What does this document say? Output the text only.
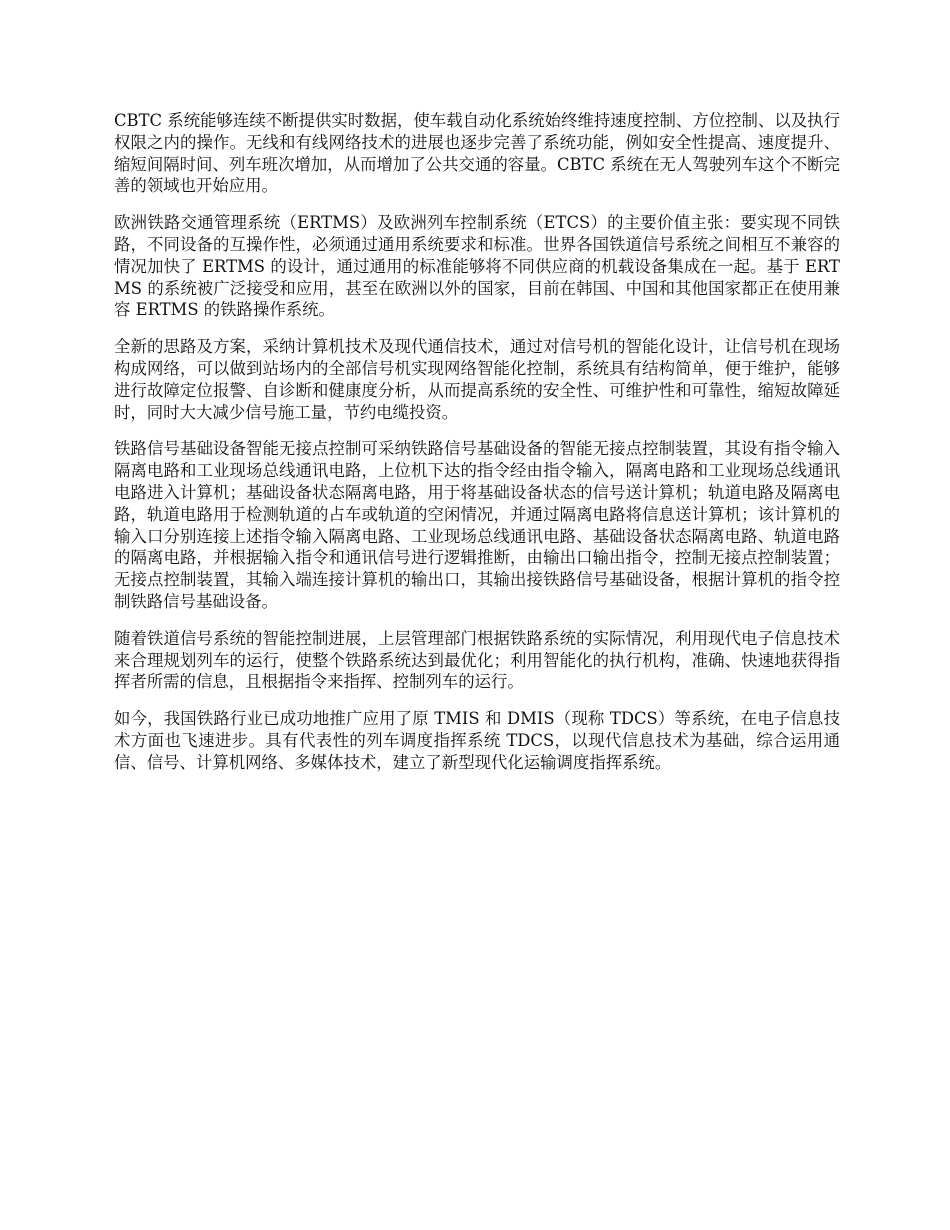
CBTC 系统能够连续不断提供实时数据，使车载自动化系统始终维持速度控制、方位控制、以及执行权限之内的操作。无线和有线网络技术的进展也逐步完善了系统功能，例如安全性提高、速度提升、缩短间隔时间、列车班次增加，从而增加了公共交通的容量。CBTC 系统在无人驾驶列车这个不断完善的领域也开始应用。

欧洲铁路交通管理系统（ERTMS）及欧洲列车控制系统（ETCS）的主要价值主张：要实现不同铁路，不同设备的互操作性，必须通过通用系统要求和标准。世界各国铁道信号系统之间相互不兼容的情况加快了 ERTMS 的设计，通过通用的标准能够将不同供应商的机载设备集成在一起。基于 ERTMS 的系统被广泛接受和应用，甚至在欧洲以外的国家，目前在韩国、中国和其他国家都正在使用兼容 ERTMS 的铁路操作系统。

全新的思路及方案，采纳计算机技术及现代通信技术，通过对信号机的智能化设计，让信号机在现场构成网络，可以做到站场内的全部信号机实现网络智能化控制，系统具有结构简单，便于维护，能够进行故障定位报警、自诊断和健康度分析，从而提高系统的安全性、可维护性和可靠性，缩短故障延时，同时大大减少信号施工量，节约电缆投资。

铁路信号基础设备智能无接点控制可采纳铁路信号基础设备的智能无接点控制装置，其设有指令输入隔离电路和工业现场总线通讯电路，上位机下达的指令经由指令输入，隔离电路和工业现场总线通讯电路进入计算机；基础设备状态隔离电路，用于将基础设备状态的信号送计算机；轨道电路及隔离电路，轨道电路用于检测轨道的占车或轨道的空闲情况，并通过隔离电路将信息送计算机；该计算机的输入口分别连接上述指令输入隔离电路、工业现场总线通讯电路、基础设备状态隔离电路、轨道电路的隔离电路，并根据输入指令和通讯信号进行逻辑推断，由输出口输出指令，控制无接点控制装置；无接点控制装置，其输入端连接计算机的输出口，其输出接铁路信号基础设备，根据计算机的指令控制铁路信号基础设备。

随着铁道信号系统的智能控制进展，上层管理部门根据铁路系统的实际情况，利用现代电子信息技术来合理规划列车的运行，使整个铁路系统达到最优化；利用智能化的执行机构，准确、快速地获得指挥者所需的信息，且根据指令来指挥、控制列车的运行。

如今，我国铁路行业已成功地推广应用了原 TMIS 和 DMIS（现称 TDCS）等系统，在电子信息技术方面也飞速进步。具有代表性的列车调度指挥系统 TDCS，以现代信息技术为基础，综合运用通信、信号、计算机网络、多媒体技术，建立了新型现代化运输调度指挥系统。
